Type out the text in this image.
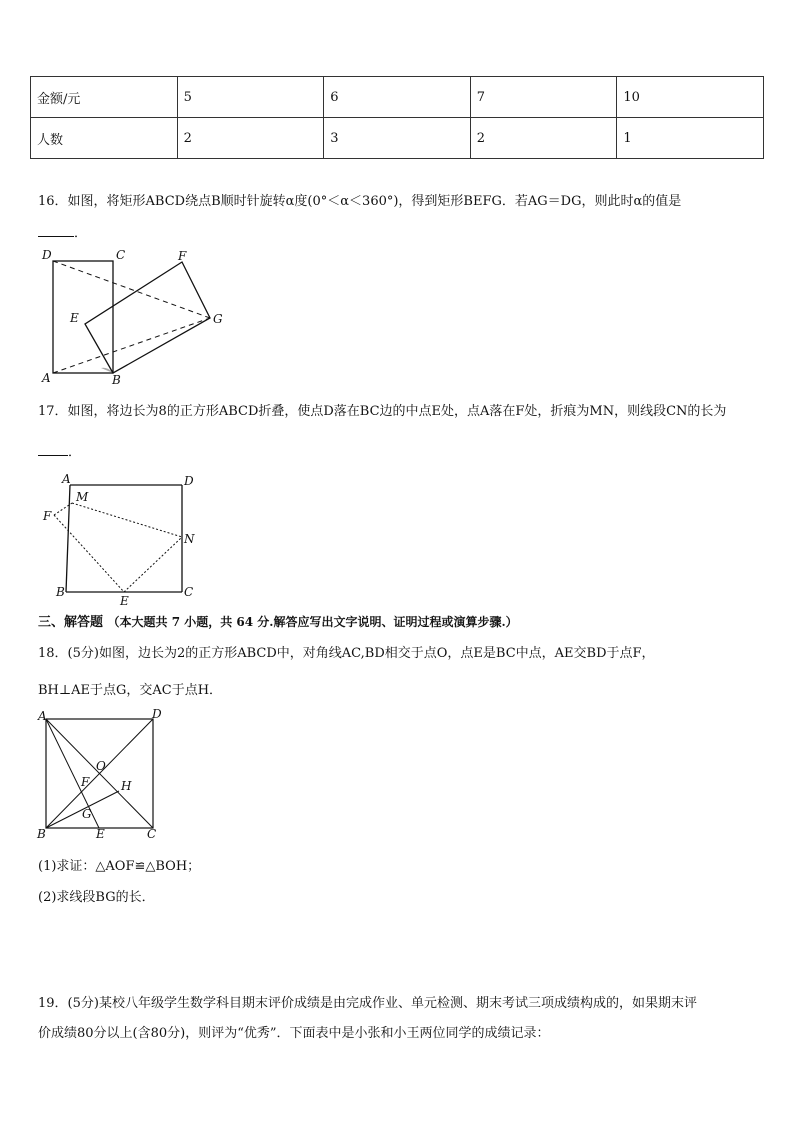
金额/元	5	6	7	10
人数	2	3	2	1
16．如图，将矩形ABCD绕点B顺时针旋转α度(0°＜α＜360°)，得到矩形BEFG．若AG＝DG，则此时α的值是
．
D	C	F
E	G
A	B
17．如图，将边长为8的正方形ABCD折叠，使点D落在BC边的中点E处，点A落在F处，折痕为MN，则线段CN的长为
．
A	D
M
F
N
B	C
E
三、解答题 （本大题共 7 小题，共 64 分.解答应写出文字说明、证明过程或演算步骤.）
18．(5分)如图，边长为2的正方形ABCD中，对角线AC,BD相交于点O，点E是BC中点，AE交BD于点F，
BH⊥AE于点G，交AC于点H．
A	D
O
F	H
G
B	E	C
(1)求证：△AOF≌△BOH；
(2)求线段BG的长．
19．(5分)某校八年级学生数学科目期末评价成绩是由完成作业、单元检测、期末考试三项成绩构成的，如果期末评
价成绩80分以上(含80分)，则评为“优秀”．下面表中是小张和小王两位同学的成绩记录：
